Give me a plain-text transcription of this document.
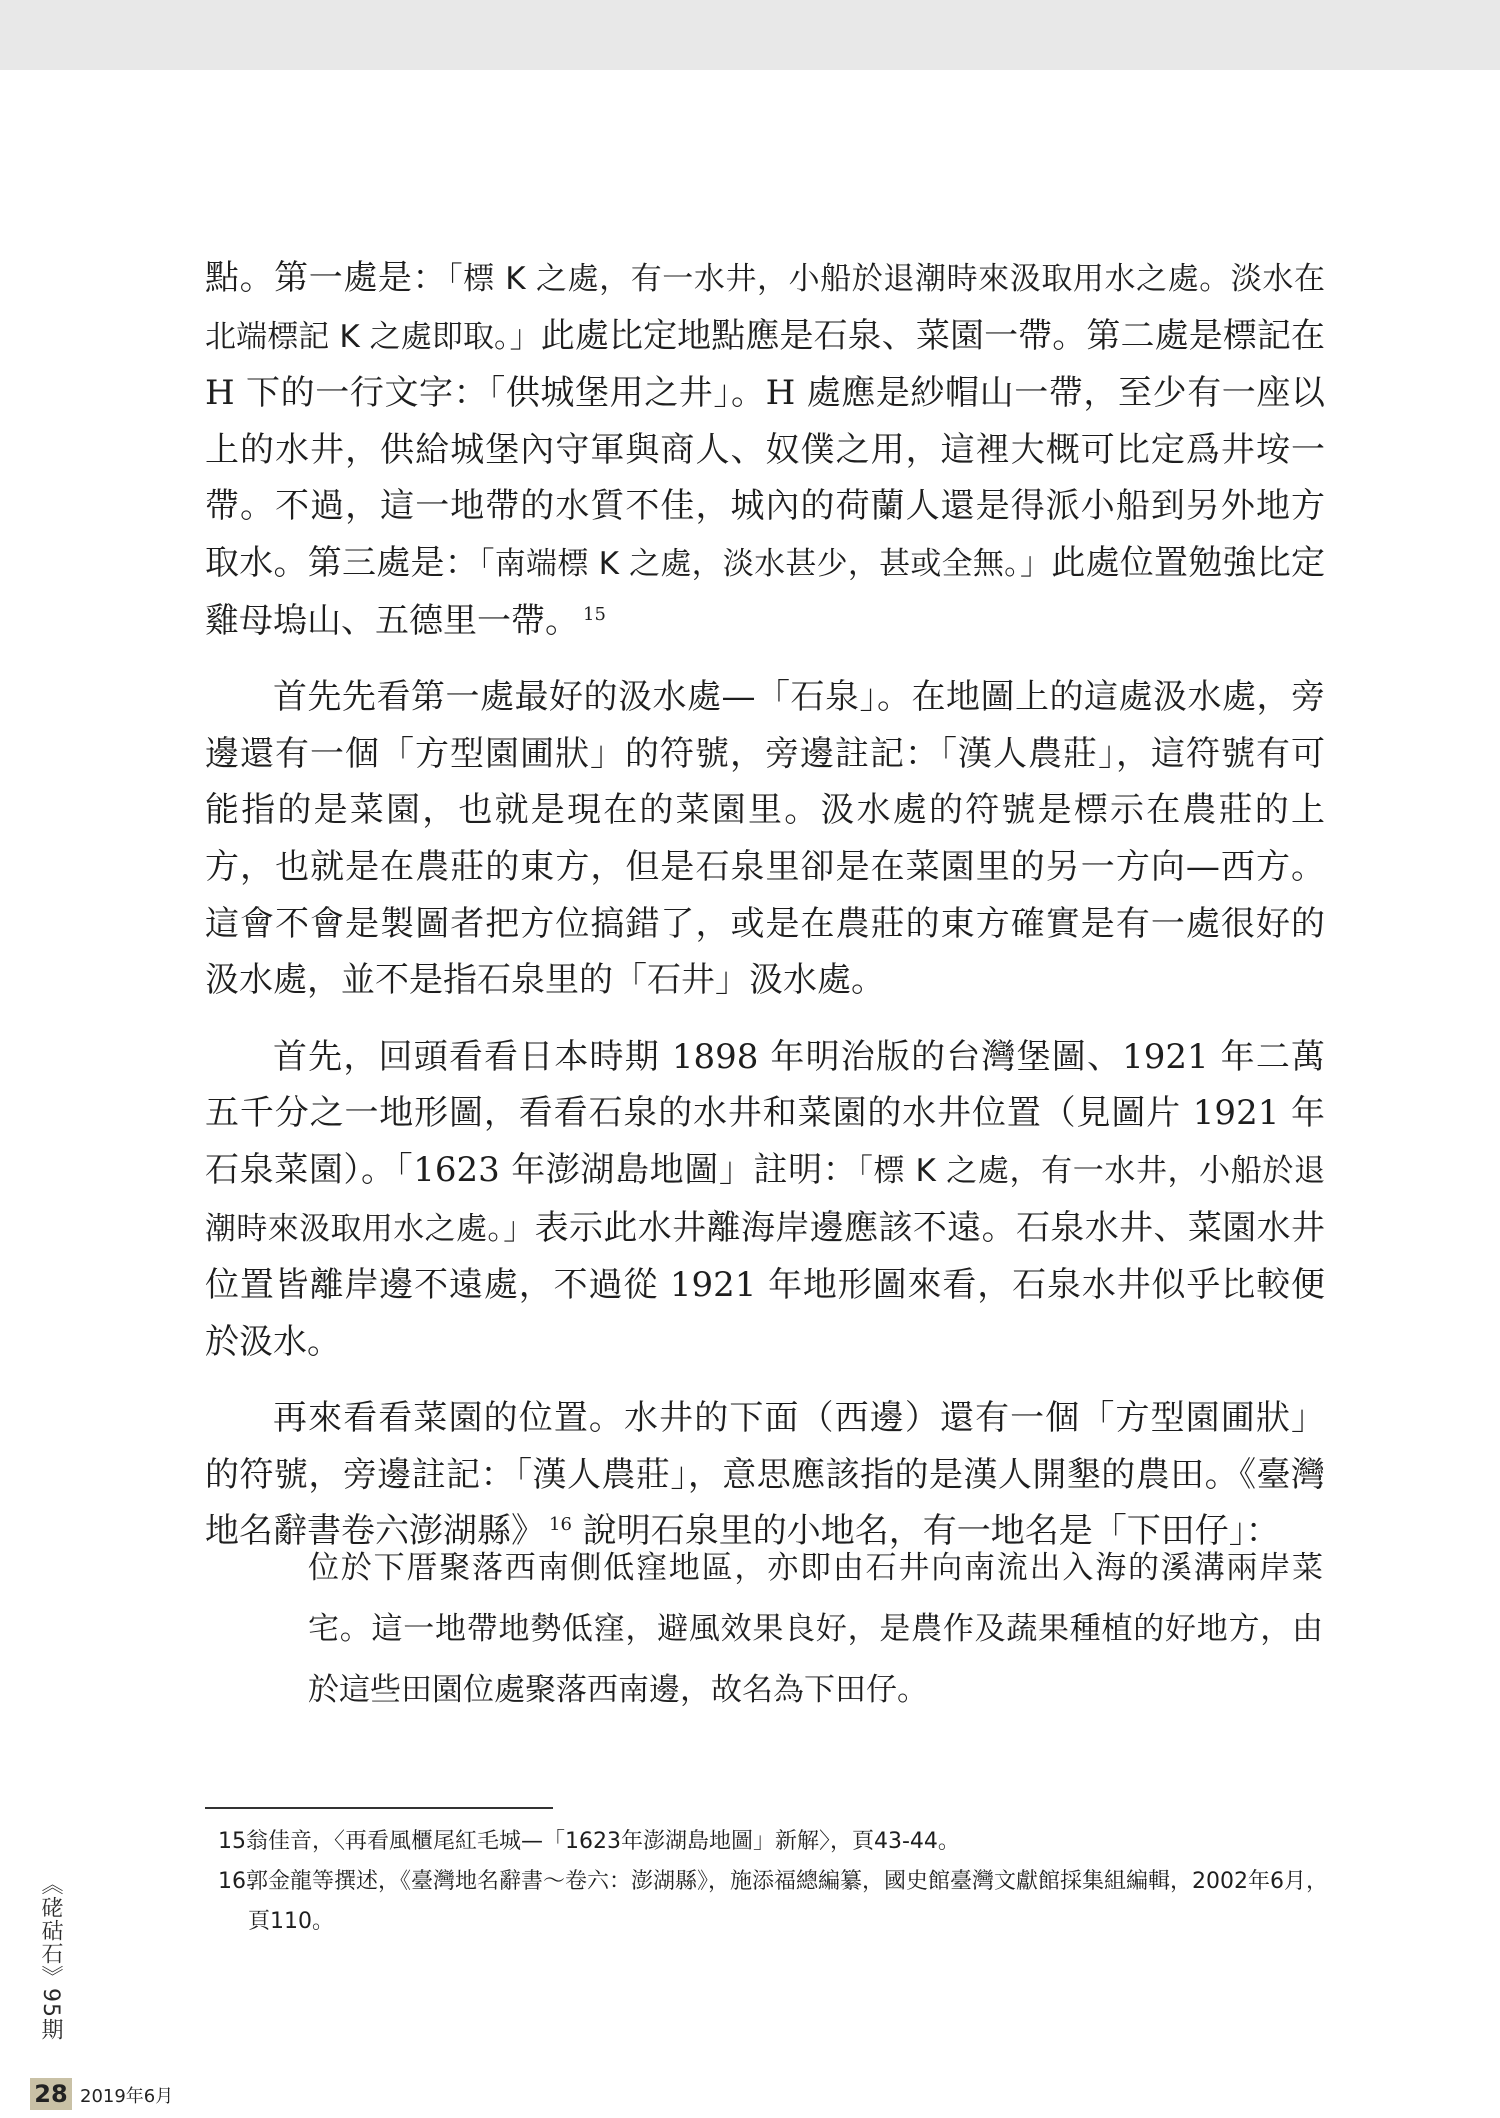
點。第一處是：「標 K 之處，有一水井，小船於退潮時來汲取用水之處。淡水在北端標記 K 之處即取。」此處比定地點應是石泉、菜園一帶。第二處是標記在 H 下的一行文字：「供城堡用之井」。H 處應是紗帽山一帶，至少有一座以上的水井，供給城堡內守軍與商人、奴僕之用，這裡大概可比定爲井垵一帶。不過，這一地帶的水質不佳，城內的荷蘭人還是得派小船到另外地方取水。第三處是：「南端標 K 之處，淡水甚少，甚或全無。」此處位置勉強比定雞母塢山、五德里一帶。 $^{15}$

首先先看第一處最好的汲水處—「石泉」。在地圖上的這處汲水處，旁邊還有一個「方型園圃狀」的符號，旁邊註記：「漢人農莊」，這符號有可能指的是菜園，也就是現在的菜園里。汲水處的符號是標示在農莊的上方，也就是在農莊的東方，但是石泉里卻是在菜園里的另一方向—西方。這會不會是製圖者把方位搞錯了，或是在農莊的東方確實是有一處很好的汲水處，並不是指石泉里的「石井」汲水處。

首先，回頭看看日本時期 1898 年明治版的台灣堡圖、1921 年二萬五千分之一地形圖，看看石泉的水井和菜園的水井位置（見圖片 1921 年石泉菜園）。「1623 年澎湖島地圖」註明：「標 K 之處，有一水井，小船於退潮時來汲取用水之處。」表示此水井離海岸邊應該不遠。石泉水井、菜園水井位置皆離岸邊不遠處，不過從 1921 年地形圖來看，石泉水井似乎比較便於汲水。

再來看看菜園的位置。水井的下面（西邊）還有一個「方型園圃狀」的符號，旁邊註記：「漢人農莊」，意思應該指的是漢人開墾的農田。《臺灣地名辭書卷六澎湖縣》 $^{16}$ 說明石泉里的小地名，有一地名是「下田仔」：

位於下厝聚落西南側低窪地區，亦即由石井向南流出入海的溪溝兩岸菜宅。這一地帶地勢低窪，避風效果良好，是農作及蔬果種植的好地方，由於這些田園位處聚落西南邊，故名為下田仔。

15翁佳音，〈再看風櫃尾紅毛城—「1623年澎湖島地圖」新解〉，頁43-44。

16郭金龍等撰述，《臺灣地名辭書～卷六：澎湖縣》，施添福總編纂，國史館臺灣文獻館採集組編輯，2002年6月，頁110。

《硓𥑮石》95期
28 2019年6月
